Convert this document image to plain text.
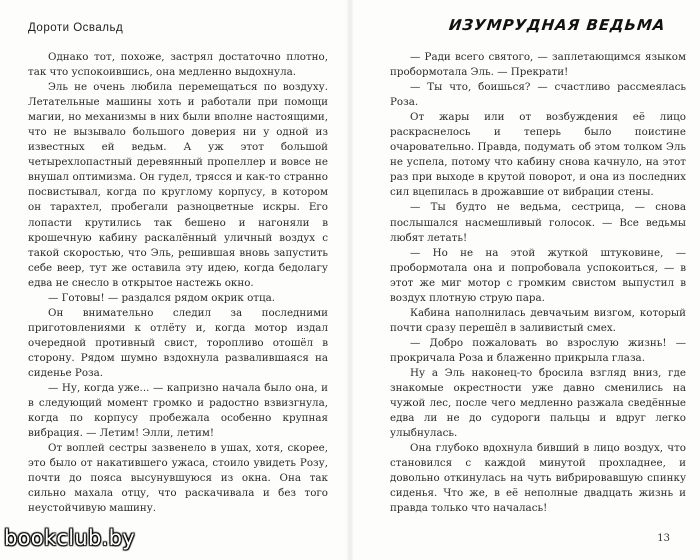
Дороти Освальд

Однако тот, похоже, застрял достаточно плотно, так что успокоившись, она медленно выдохнула.

Эль не очень любила перемещаться по воздуху. Летательные машины хоть и работали при помощи магии, но механизмы в них были вполне настоящими, что не вызывало большого доверия ни у одной из известных ей ведьм. А уж этот большой четырехлопастный деревянный пропеллер и вовсе не внушал оптимизма. Он гудел, трясся и как-то странно посвистывал, когда по круглому корпусу, в котором он тарахтел, пробегали разноцветные искры. Его лопасти крутились так бешено и нагоняли в крошечную кабину раскалённый уличный воздух с такой скоростью, что Эль, решившая вновь запустить себе веер, тут же оставила эту идею, когда бедолагу едва не снесло в открытое настежь окно.

— Готовы! — раздался рядом окрик отца.

Он внимательно следил за последними приготовлениями к отлёту и, когда мотор издал очередной противный свист, торопливо отошёл в сторону. Рядом шумно вздохнула развалившаяся на сиденье Роза.

— Ну, когда уже... — капризно начала было она, и в следующий момент громко и радостно взвизгнула, когда по корпусу пробежала особенно крупная вибрация. — Летим! Элли, летим!

От воплей сестры зазвенело в ушах, хотя, скорее, это было от накатившего ужаса, стоило увидеть Розу, почти до пояса высунувшуюся из окна. Она так сильно махала отцу, что раскачивала и без того неустойчивую машину.

ИЗУМРУДНАЯ ВЕДЬМА

— Ради всего святого, — заплетающимся языком пробормотала Эль. — Прекрати!

— Ты что, боишься? — счастливо рассмеялась Роза.

От жары или от возбуждения её лицо раскраснелось и теперь было поистине очаровательно. Правда, подумать об этом толком Эль не успела, потому что кабину снова качнуло, на этот раз при выходе в крутой поворот, и она из последних сил вцепилась в дрожавшие от вибрации стены.

— Ты будто не ведьма, сестрица, — снова послышался насмешливый голосок. — Все ведьмы любят летать!

— Но не на этой жуткой штуковине, — пробормотала она и попробовала успокоиться, — в этот же миг мотор с громким свистом выпустил в воздух плотную струю пара.

Кабина наполнилась девчачьим визгом, который почти сразу перешёл в заливистый смех.

— Добро пожаловать во взрослую жизнь! — прокричала Роза и блаженно прикрыла глаза.

Ну а Эль наконец-то бросила взгляд вниз, где знакомые окрестности уже давно сменились на чужой лес, после чего медленно разжала сведённые едва ли не до судороги пальцы и вдруг легко улыбнулась.

Она глубоко вдохнула бивший в лицо воздух, что становился с каждой минутой прохладнее, и довольно откинулась на чуть вибрировавшую спинку сиденья. Что же, в её неполные двадцать жизнь и правда только что началась!

13
bookclub.by
